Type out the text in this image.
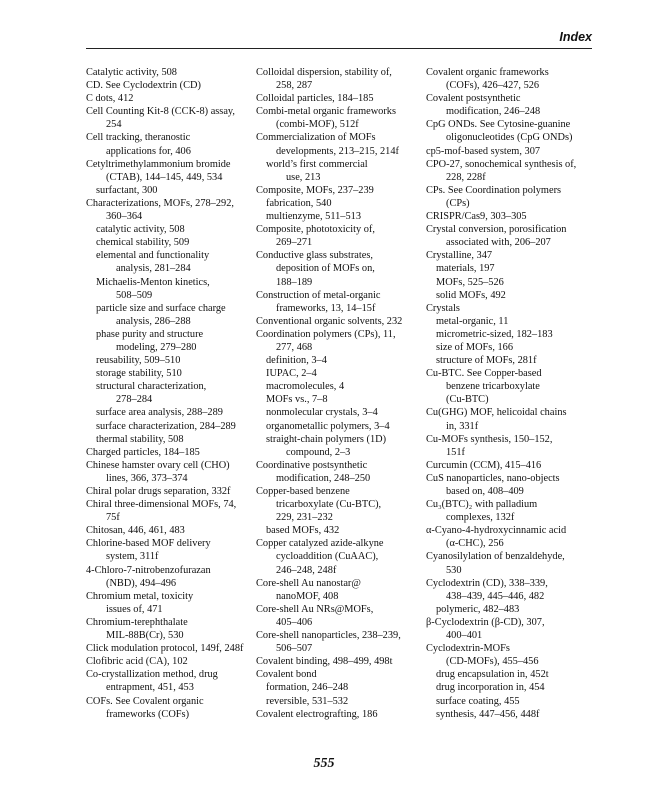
Index
Catalytic activity, 508
CD. See Cyclodextrin (CD)
C dots, 412
Cell Counting Kit-8 (CCK-8) assay,
254
Cell tracking, theranostic
applications for, 406
Cetyltrimethylammonium bromide
(CTAB), 144–145, 449, 534
surfactant, 300
Characterizations, MOFs, 278–292,
360–364
catalytic activity, 508
chemical stability, 509
elemental and functionality
analysis, 281–284
Michaelis-Menton kinetics,
508–509
particle size and surface charge
analysis, 286–288
phase purity and structure
modeling, 279–280
reusability, 509–510
storage stability, 510
structural characterization,
278–284
surface area analysis, 288–289
surface characterization, 284–289
thermal stability, 508
Charged particles, 184–185
Chinese hamster ovary cell (CHO)
lines, 366, 373–374
Chiral polar drugs separation, 332f
Chiral three-dimensional MOFs, 74,
75f
Chitosan, 446, 461, 483
Chlorine-based MOF delivery
system, 311f
4-Chloro-7-nitrobenzofurazan
(NBD), 494–496
Chromium metal, toxicity
issues of, 471
Chromium-terephthalate
MIL-88B(Cr), 530
Click modulation protocol, 149f, 248f
Clofibric acid (CA), 102
Co-crystallization method, drug
entrapment, 451, 453
COFs. See Covalent organic
frameworks (COFs)
Colloidal dispersion, stability of,
258, 287
Colloidal particles, 184–185
Combi-metal organic frameworks
(combi-MOF), 512f
Commercialization of MOFs
developments, 213–215, 214f
world’s first commercial
use, 213
Composite, MOFs, 237–239
fabrication, 540
multienzyme, 511–513
Composite, phototoxicity of,
269–271
Conductive glass substrates,
deposition of MOFs on,
188–189
Construction of metal-organic
frameworks, 13, 14–15f
Conventional organic solvents, 232
Coordination polymers (CPs), 11,
277, 468
definition, 3–4
IUPAC, 2–4
macromolecules, 4
MOFs vs., 7–8
nonmolecular crystals, 3–4
organometallic polymers, 3–4
straight-chain polymers (1D)
compound, 2–3
Coordinative postsynthetic
modification, 248–250
Copper-based benzene
tricarboxylate (Cu-BTC),
229, 231–232
based MOFs, 432
Copper catalyzed azide-alkyne
cycloaddition (CuAAC),
246–248, 248f
Core-shell Au nanostar@
nanoMOF, 408
Core-shell Au NRs@MOFs,
405–406
Core-shell nanoparticles, 238–239,
506–507
Covalent binding, 498–499, 498t
Covalent bond
formation, 246–248
reversible, 531–532
Covalent electrografting, 186
Covalent organic frameworks
(COFs), 426–427, 526
Covalent postsynthetic
modification, 246–248
CpG ONDs. See Cytosine-guanine
oligonucleotides (CpG ONDs)
cp5-mof-based system, 307
CPO-27, sonochemical synthesis of,
228, 228f
CPs. See Coordination polymers
(CPs)
CRISPR/Cas9, 303–305
Crystal conversion, porosification
associated with, 206–207
Crystalline, 347
materials, 197
MOFs, 525–526
solid MOFs, 492
Crystals
metal-organic, 11
micrometric-sized, 182–183
size of MOFs, 166
structure of MOFs, 281f
Cu-BTC. See Copper-based
benzene tricarboxylate
(Cu-BTC)
Cu(GHG) MOF, helicoidal chains
in, 331f
Cu-MOFs synthesis, 150–152,
151f
Curcumin (CCM), 415–416
CuS nanoparticles, nano-objects
based on, 408–409
Cu₃(BTC)₂ with palladium
complexes, 132f
α-Cyano-4-hydroxycinnamic acid
(α-CHC), 256
Cyanosilylation of benzaldehyde,
530
Cyclodextrin (CD), 338–339,
438–439, 445–446, 482
polymeric, 482–483
β-Cyclodextrin (β-CD), 307,
400–401
Cyclodextrin-MOFs
(CD-MOFs), 455–456
drug encapsulation in, 452t
drug incorporation in, 454
surface coating, 455
synthesis, 447–456, 448f
555
